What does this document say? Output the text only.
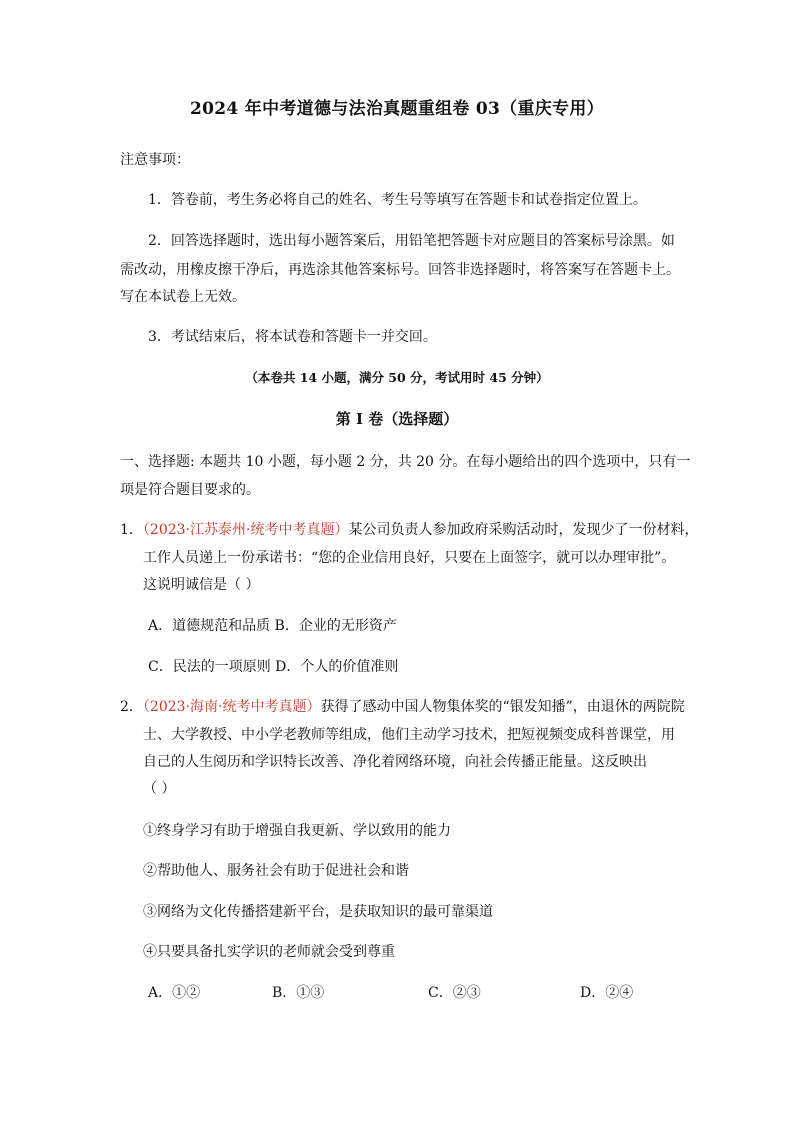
2024 年中考道德与法治真题重组卷 03（重庆专用）
注意事项：
1．答卷前，考生务必将自己的姓名、考生号等填写在答题卡和试卷指定位置上。
2．回答选择题时，选出每小题答案后，用铅笔把答题卡对应题目的答案标号涂黑。如
需改动，用橡皮擦干净后，再选涂其他答案标号。回答非选择题时，将答案写在答题卡上。
写在本试卷上无效。
3．考试结束后，将本试卷和答题卡一并交回。
（本卷共 14 小题，满分 50 分，考试用时 45 分钟）
第 I 卷（选择题）
一、选择题: 本题共 10 小题，每小题 2 分，共 20 分。在每小题给出的四个选项中，只有一
项是符合题目要求的。
1．（2023·江苏泰州·统考中考真题）某公司负责人参加政府采购活动时，发现少了一份材料，
工作人员递上一份承诺书：“您的企业信用良好，只要在上面签字，就可以办理审批”。
这说明诚信是（ ）
A．道德规范和品质 B．企业的无形资产
C．民法的一项原则 D．个人的价值准则
2．（2023·海南·统考中考真题）获得了感动中国人物集体奖的“银发知播”，由退休的两院院
士、大学教授、中小学老教师等组成，他们主动学习技术，把短视频变成科普课堂，用
自己的人生阅历和学识特长改善、净化着网络环境，向社会传播正能量。这反映出
（ ）
①终身学习有助于增强自我更新、学以致用的能力
②帮助他人、服务社会有助于促进社会和谐
③网络为文化传播搭建新平台，是获取知识的最可靠渠道
④只要具备扎实学识的老师就会受到尊重
A．①②	B．①③	C．②③	D．②④
